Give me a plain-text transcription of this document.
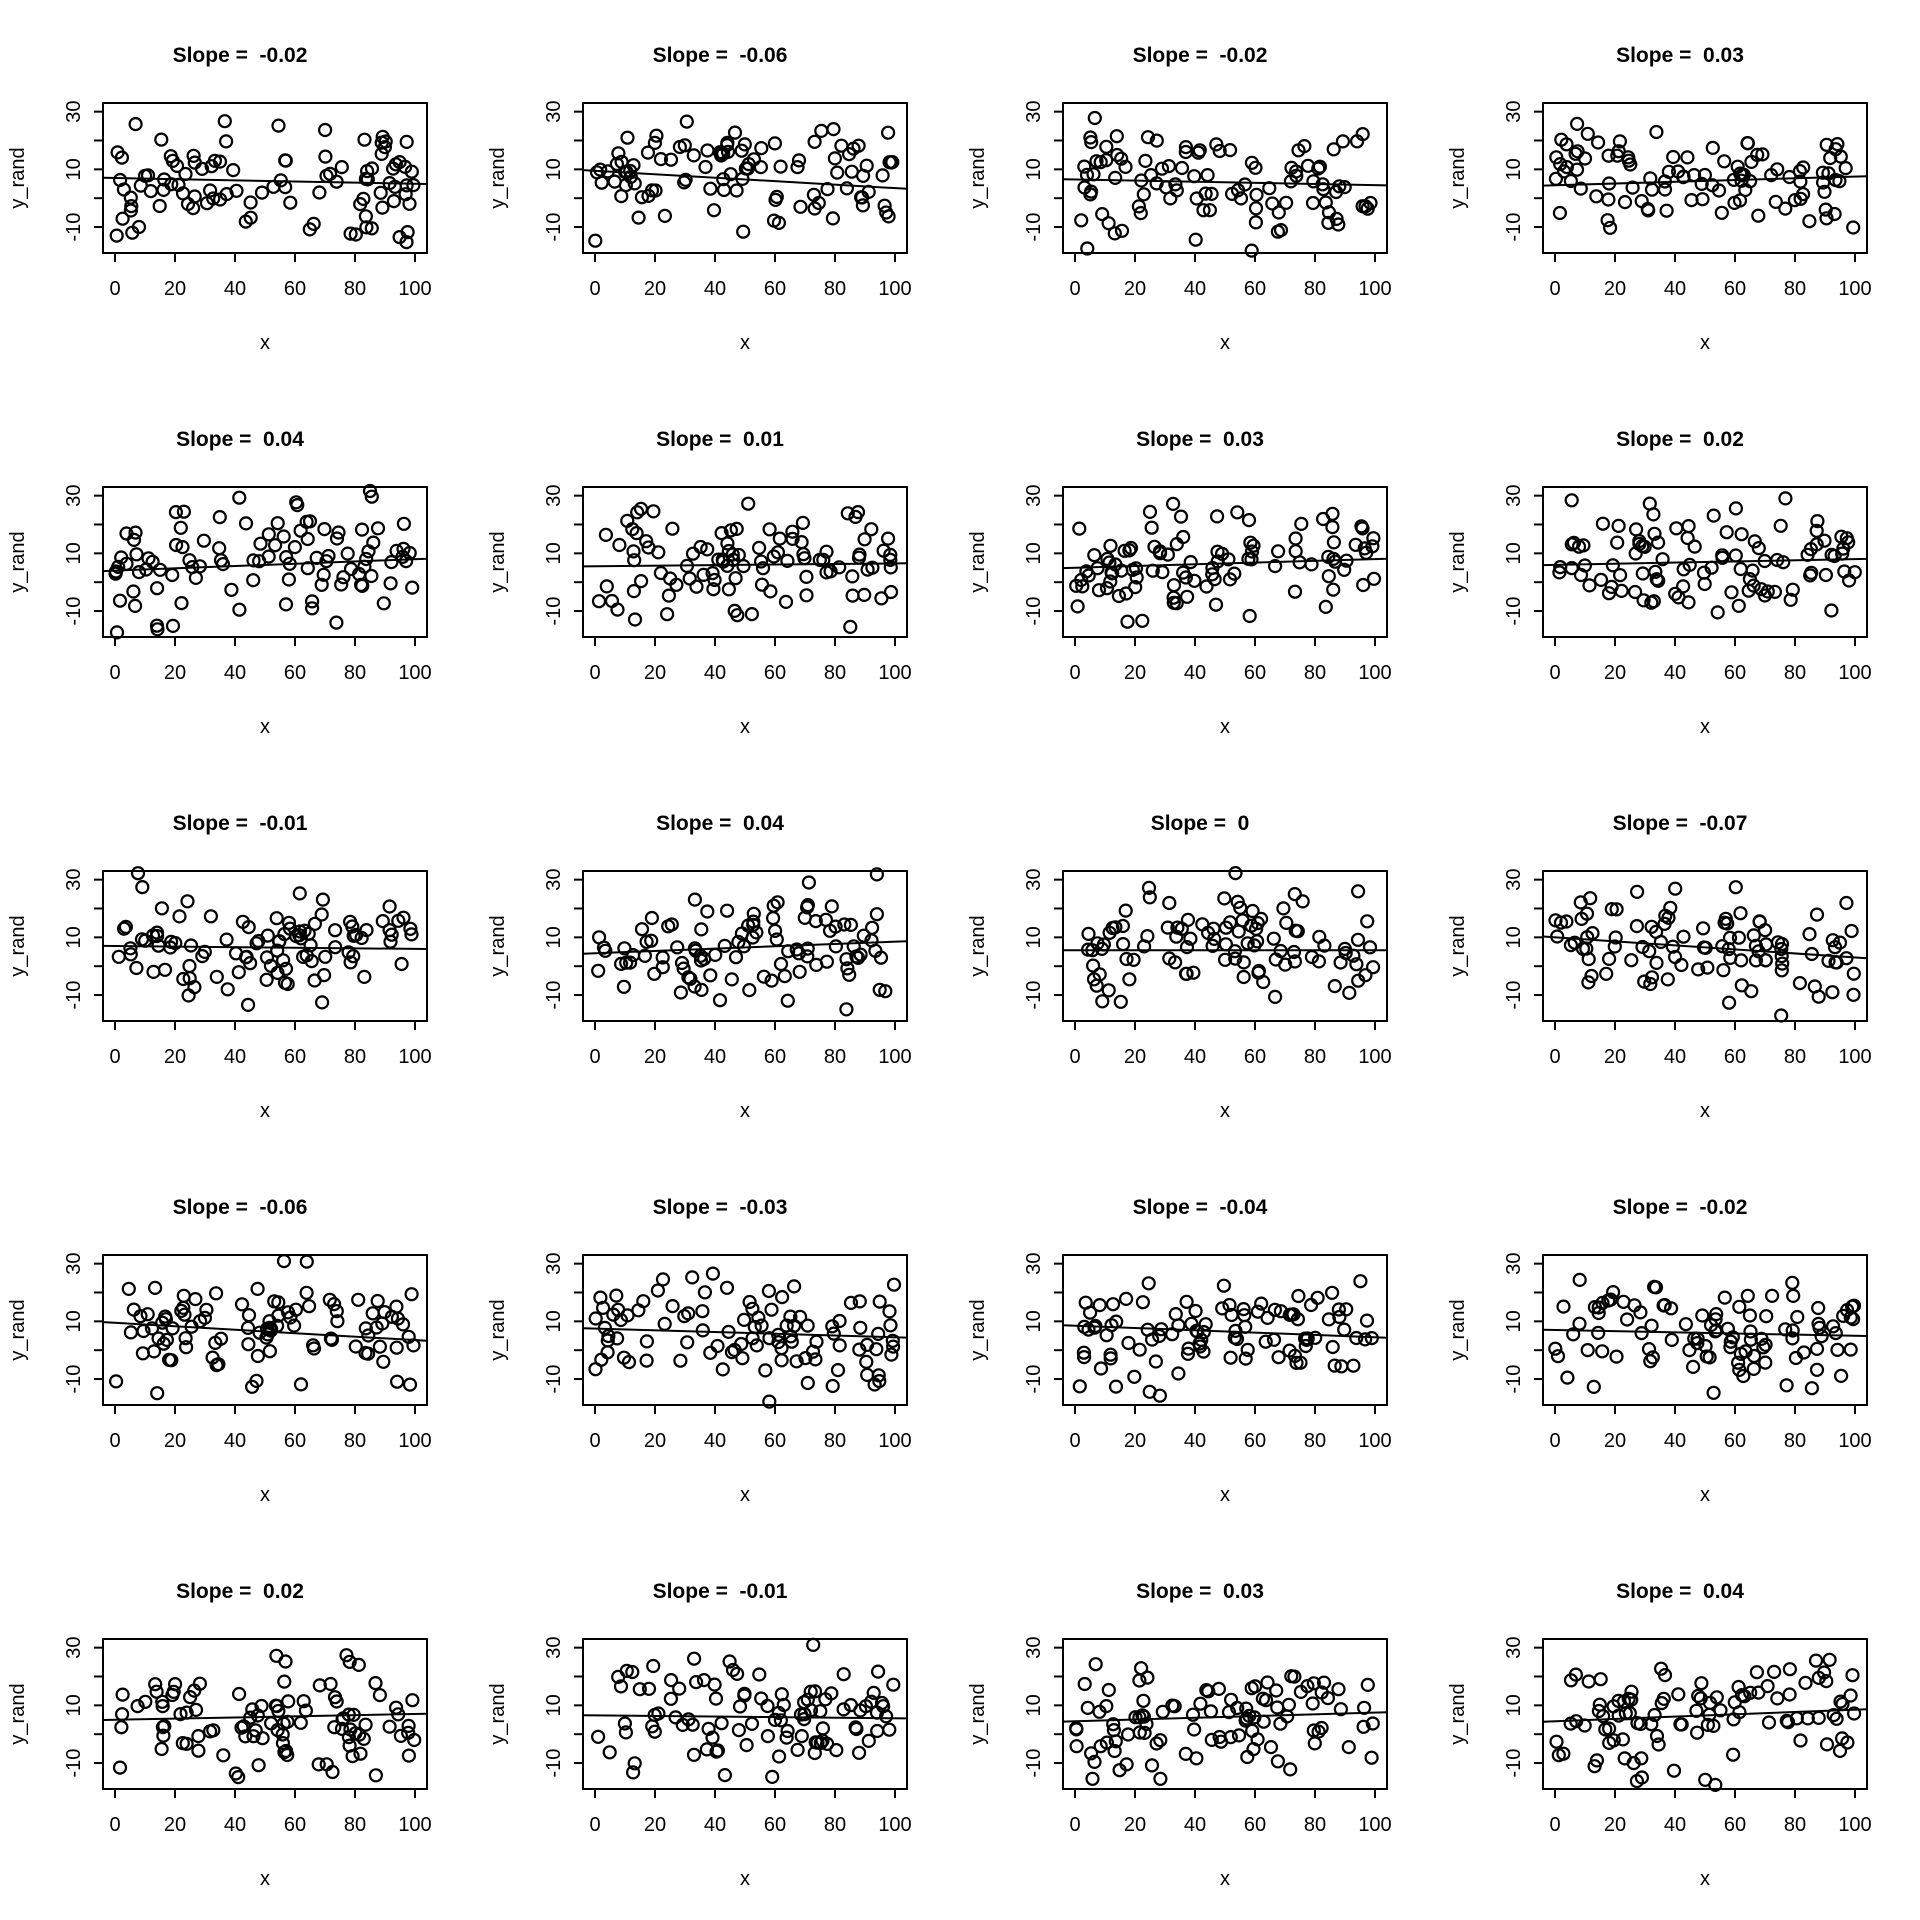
Slope =  -0.02
0 20 40 60 80 100
-10
10
30
x
y_rand
Slope =  -0.06
0 20 40 60 80 100
-10
10
30
x
y_rand
Slope =  -0.02
0 20 40 60 80 100
-10
10
30
x
y_rand
Slope =  0.03
0 20 40 60 80 100
-10
10
30
x
y_rand
Slope =  0.04
0 20 40 60 80 100
-10
10
30
x
y_rand
Slope =  0.01
0 20 40 60 80 100
-10
10
30
x
y_rand
Slope =  0.03
0 20 40 60 80 100
-10
10
30
x
y_rand
Slope =  0.02
0 20 40 60 80 100
-10
10
30
x
y_rand
Slope =  -0.01
0 20 40 60 80 100
-10
10
30
x
y_rand
Slope =  0.04
0 20 40 60 80 100
-10
10
30
x
y_rand
Slope =  0
0 20 40 60 80 100
-10
10
30
x
y_rand
Slope =  -0.07
0 20 40 60 80 100
-10
10
30
x
y_rand
Slope =  -0.06
0 20 40 60 80 100
-10
10
30
x
y_rand
Slope =  -0.03
0 20 40 60 80 100
-10
10
30
x
y_rand
Slope =  -0.04
0 20 40 60 80 100
-10
10
30
x
y_rand
Slope =  -0.02
0 20 40 60 80 100
-10
10
30
x
y_rand
Slope =  0.02
0 20 40 60 80 100
-10
10
30
x
y_rand
Slope =  -0.01
0 20 40 60 80 100
-10
10
30
x
y_rand
Slope =  0.03
0 20 40 60 80 100
-10
10
30
x
y_rand
Slope =  0.04
0 20 40 60 80 100
-10
10
30
x
y_rand
